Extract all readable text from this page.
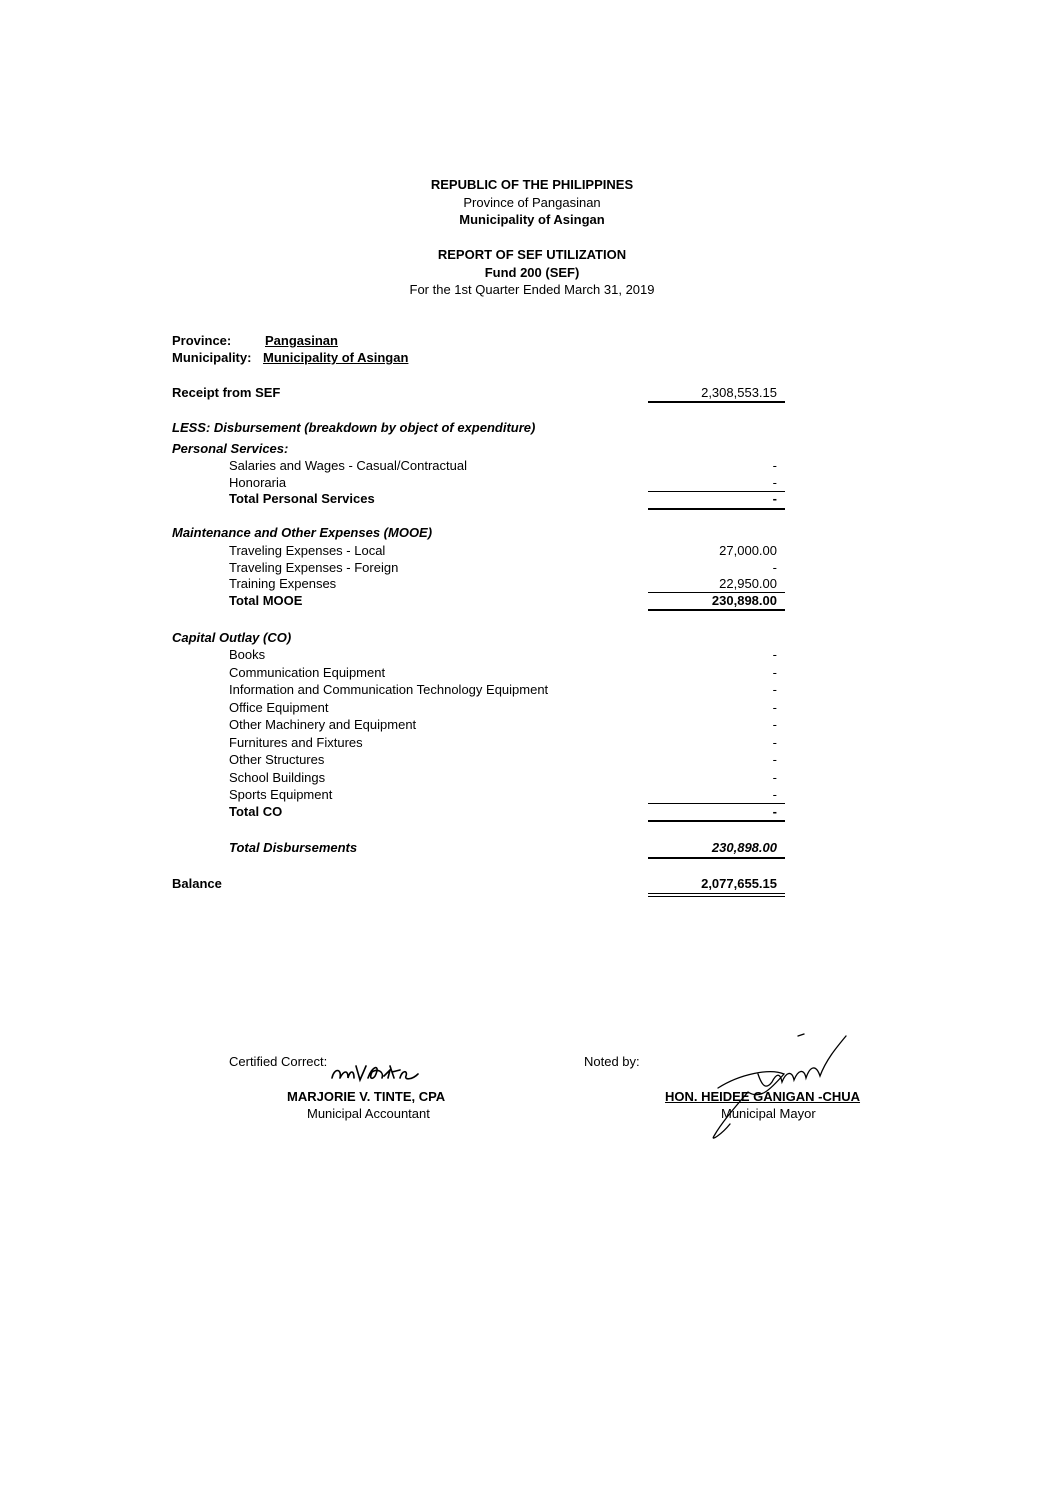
REPUBLIC OF THE PHILIPPINES
Province of Pangasinan
Municipality of Asingan
REPORT OF SEF UTILIZATION
Fund 200 (SEF)
For the 1st Quarter Ended March 31, 2019
Province:	Pangasinan
Municipality: Municipality of Asingan
Receipt from SEF	2,308,553.15
LESS: Disbursement (breakdown by object of expenditure)
Personal Services:
Salaries and Wages - Casual/Contractual	-
Honoraria	-
Total Personal Services	-
Maintenance and Other Expenses (MOOE)
Traveling Expenses - Local	27,000.00
Traveling Expenses - Foreign	-
Training Expenses	22,950.00
Total MOOE	230,898.00
Capital Outlay (CO)
Books	-
Communication Equipment	-
Information and Communication Technology Equipment	-
Office Equipment	-
Other Machinery and Equipment	-
Furnitures and Fixtures	-
Other Structures	-
School Buildings	-
Sports Equipment	-
Total CO	-
Total Disbursements	230,898.00
Balance	2,077,655.15
Certified Correct:
MARJORIE V. TINTE, CPA
Municipal Accountant
Noted by:
HON. HEIDEE GANIGAN -CHUA
Municipal Mayor
